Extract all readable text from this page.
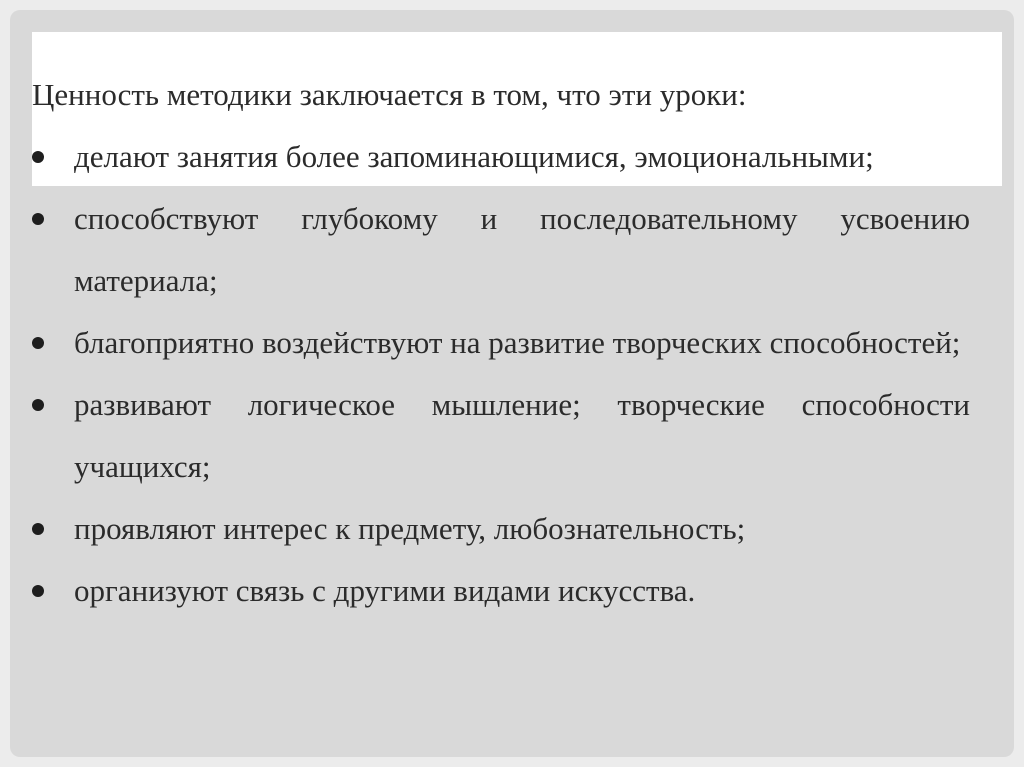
Ценность методики заключается в том, что эти уроки:

делают занятия более запоминающимися, эмоциональными;
способствуют глубокому и последовательному усвоению материала;
благоприятно воздействуют на развитие творческих способностей;
развивают логическое мышление; творческие способности учащихся;
проявляют интерес к предмету, любознательность;
организуют связь с другими видами искусства.
